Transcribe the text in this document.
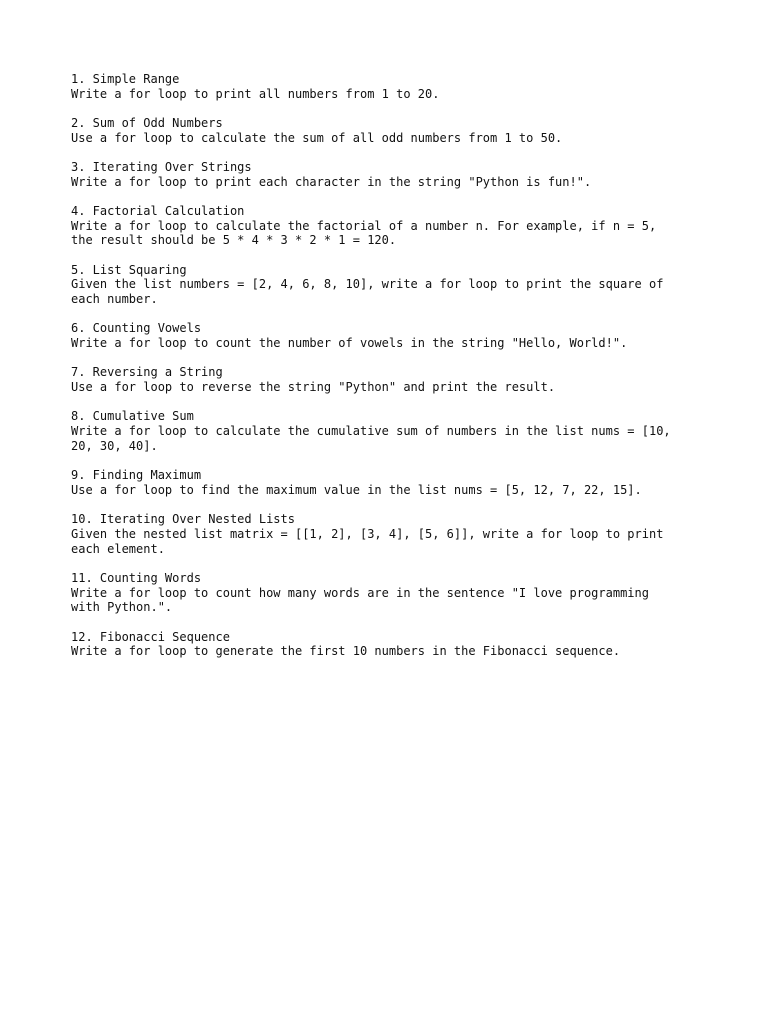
1. Simple Range
Write a for loop to print all numbers from 1 to 20.
2. Sum of Odd Numbers
Use a for loop to calculate the sum of all odd numbers from 1 to 50.
3. Iterating Over Strings
Write a for loop to print each character in the string "Python is fun!".
4. Factorial Calculation
Write a for loop to calculate the factorial of a number n. For example, if n = 5,
the result should be 5 * 4 * 3 * 2 * 1 = 120.
5. List Squaring
Given the list numbers = [2, 4, 6, 8, 10], write a for loop to print the square of
each number.
6. Counting Vowels
Write a for loop to count the number of vowels in the string "Hello, World!".
7. Reversing a String
Use a for loop to reverse the string "Python" and print the result.
8. Cumulative Sum
Write a for loop to calculate the cumulative sum of numbers in the list nums = [10,
20, 30, 40].
9. Finding Maximum
Use a for loop to find the maximum value in the list nums = [5, 12, 7, 22, 15].
10. Iterating Over Nested Lists
Given the nested list matrix = [[1, 2], [3, 4], [5, 6]], write a for loop to print
each element.
11. Counting Words
Write a for loop to count how many words are in the sentence "I love programming
with Python.".
12. Fibonacci Sequence
Write a for loop to generate the first 10 numbers in the Fibonacci sequence.
